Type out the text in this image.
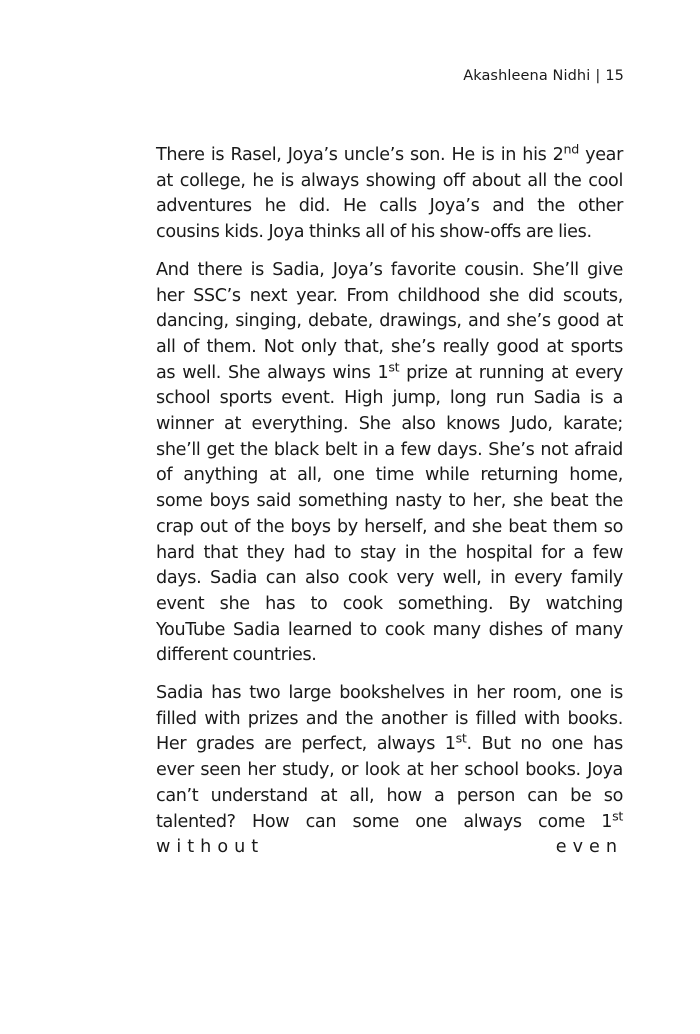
Akashleena Nidhi | 15
There is Rasel, Joya’s uncle’s son. He is in his 2nd year
at college, he is always showing off about all the cool
adventures he did. He calls Joya’s and the other
cousins kids. Joya thinks all of his show-offs are lies.
And there is Sadia, Joya’s favorite cousin. She’ll give
her SSC’s next year. From childhood she did scouts,
dancing, singing, debate, drawings, and she’s good at
all of them. Not only that, she’s really good at sports
as well. She always wins 1st prize at running at every
school sports event. High jump, long run Sadia is a
winner at everything. She also knows Judo, karate;
she’ll get the black belt in a few days. She’s not afraid
of anything at all, one time while returning home,
some boys said something nasty to her, she beat the
crap out of the boys by herself, and she beat them so
hard that they had to stay in the hospital for a few
days. Sadia can also cook very well, in every family
event she has to cook something. By watching
YouTube Sadia learned to cook many dishes of many
different countries.
Sadia has two large bookshelves in her room, one is
filled with prizes and the another is filled with books.
Her grades are perfect, always 1st. But no one has
ever seen her study, or look at her school books. Joya
can’t understand at all, how a person can be so
talented? How can some one always come 1st
without	even
